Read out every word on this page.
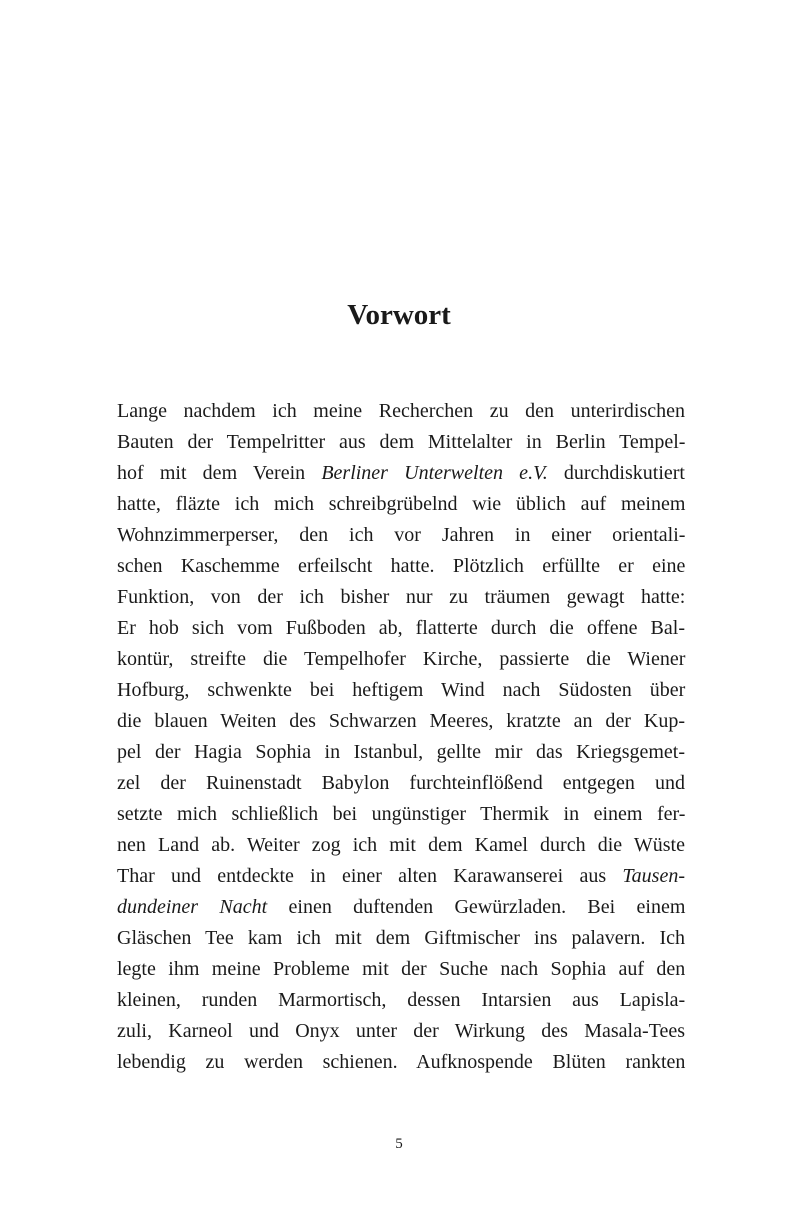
Vorwort
Lange nachdem ich meine Recherchen zu den unterirdischen
Bauten der Tempelritter aus dem Mittelalter in Berlin Tempel-
hof mit dem Verein Berliner Unterwelten e.V. durchdiskutiert
hatte, fläzte ich mich schreibgrübelnd wie üblich auf meinem
Wohnzimmerperser, den ich vor Jahren in einer orientali-
schen Kaschemme erfeilscht hatte. Plötzlich erfüllte er eine
Funktion, von der ich bisher nur zu träumen gewagt hatte:
Er hob sich vom Fußboden ab, flatterte durch die offene Bal-
kontür, streifte die Tempelhofer Kirche, passierte die Wiener
Hofburg, schwenkte bei heftigem Wind nach Südosten über
die blauen Weiten des Schwarzen Meeres, kratzte an der Kup-
pel der Hagia Sophia in Istanbul, gellte mir das Kriegsgemet-
zel der Ruinenstadt Babylon furchteinflößend entgegen und
setzte mich schließlich bei ungünstiger Thermik in einem fer-
nen Land ab. Weiter zog ich mit dem Kamel durch die Wüste
Thar und entdeckte in einer alten Karawanserei aus Tausen-
dundeiner Nacht einen duftenden Gewürzladen. Bei einem
Gläschen Tee kam ich mit dem Giftmischer ins palavern. Ich
legte ihm meine Probleme mit der Suche nach Sophia auf den
kleinen, runden Marmortisch, dessen Intarsien aus Lapisla-
zuli, Karneol und Onyx unter der Wirkung des Masala-Tees
lebendig zu werden schienen. Aufknospende Blüten rankten
5
